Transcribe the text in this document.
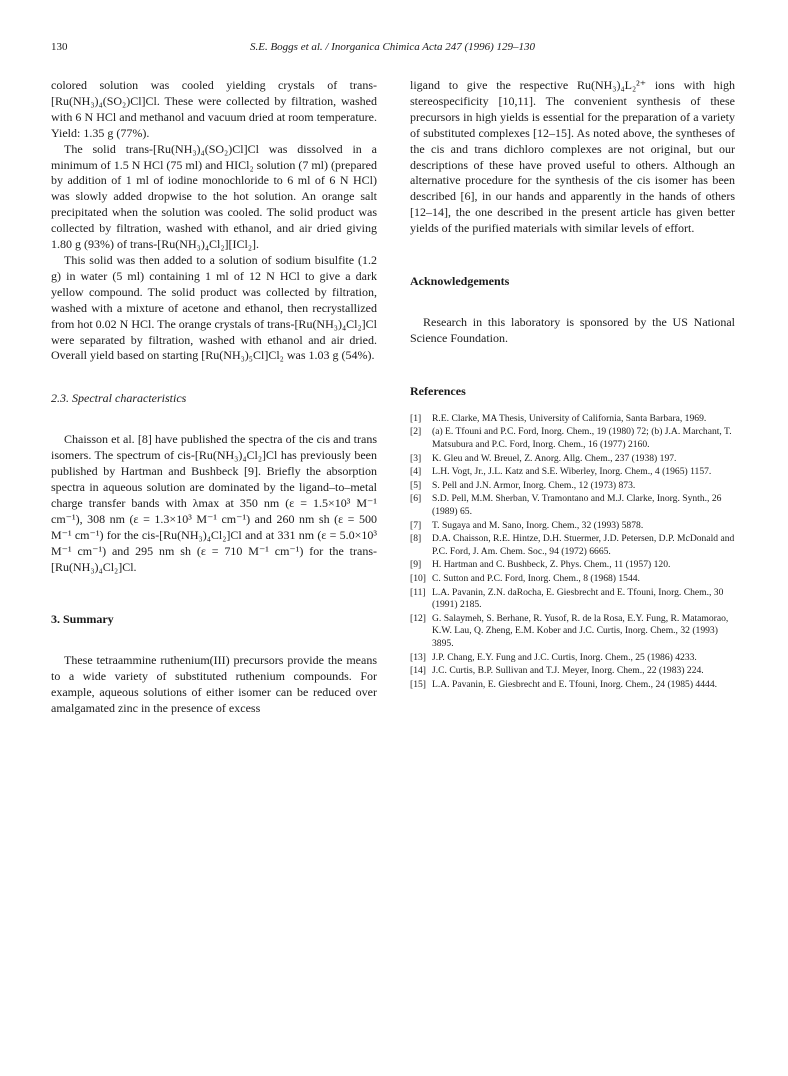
130	S.E. Boggs et al. / Inorganica Chimica Acta 247 (1996) 129–130

colored solution was cooled yielding crystals of trans-[Ru(NH₃)₄(SO₂)Cl]Cl. These were collected by filtration, washed with 6 N HCl and methanol and vacuum dried at room temperature. Yield: 1.35 g (77%).

The solid trans-[Ru(NH₃)₄(SO₂)Cl]Cl was dissolved in a minimum of 1.5 N HCl (75 ml) and HICl₂ solution (7 ml) (prepared by addition of 1 ml of iodine monochloride to 6 ml of 6 N HCl) was slowly added dropwise to the hot solution. An orange salt precipitated when the solution was cooled. The solid product was collected by filtration, washed with ethanol, and air dried giving 1.80 g (93%) of trans-[Ru(NH₃)₄Cl₂][ICl₂].

This solid was then added to a solution of sodium bisulfite (1.2 g) in water (5 ml) containing 1 ml of 12 N HCl to give a dark yellow compound. The solid product was collected by filtration, washed with a mixture of acetone and ethanol, then recrystallized from hot 0.02 N HCl. The orange crystals of trans-[Ru(NH₃)₄Cl₂]Cl were separated by filtration, washed with ethanol and air dried. Overall yield based on starting [Ru(NH₃)₅Cl]Cl₂ was 1.03 g (54%).

2.3. Spectral characteristics

Chaisson et al. [8] have published the spectra of the cis and trans isomers. The spectrum of cis-[Ru(NH₃)₄Cl₂]Cl has previously been published by Hartman and Bushbeck [9]. Briefly the absorption spectra in aqueous solution are dominated by the ligand–to–metal charge transfer bands with λmax at 350 nm (ε = 1.5×10³ M⁻¹ cm⁻¹), 308 nm (ε = 1.3×10³ M⁻¹ cm⁻¹) and 260 nm sh (ε = 500 M⁻¹ cm⁻¹) for the cis-[Ru(NH₃)₄Cl₂]Cl and at 331 nm (ε = 5.0×10³ M⁻¹ cm⁻¹) and 295 nm sh (ε = 710 M⁻¹ cm⁻¹) for the trans-[Ru(NH₃)₄Cl₂]Cl.

3. Summary

These tetraammine ruthenium(III) precursors provide the means to a wide variety of substituted ruthenium compounds. For example, aqueous solutions of either isomer can be reduced over amalgamated zinc in the presence of excess

ligand to give the respective Ru(NH₃)₄L₂²⁺ ions with high stereospecificity [10,11]. The convenient synthesis of these precursors in high yields is essential for the preparation of a variety of substituted complexes [12–15]. As noted above, the syntheses of the cis and trans dichloro complexes are not original, but our descriptions of these have proved useful to others. Although an alternative procedure for the synthesis of the cis isomer has been described [6], in our hands and apparently in the hands of others [12–14], the one described in the present article has given better yields of the purified materials with similar levels of effort.

Acknowledgements

Research in this laboratory is sponsored by the US National Science Foundation.

References
[1] R.E. Clarke, MA Thesis, University of California, Santa Barbara, 1969.
[2] (a) E. Tfouni and P.C. Ford, Inorg. Chem., 19 (1980) 72; (b) J.A. Marchant, T. Matsubura and P.C. Ford, Inorg. Chem., 16 (1977) 2160.
[3] K. Gleu and W. Breuel, Z. Anorg. Allg. Chem., 237 (1938) 197.
[4] L.H. Vogt, Jr., J.L. Katz and S.E. Wiberley, Inorg. Chem., 4 (1965) 1157.
[5] S. Pell and J.N. Armor, Inorg. Chem., 12 (1973) 873.
[6] S.D. Pell, M.M. Sherban, V. Tramontano and M.J. Clarke, Inorg. Synth., 26 (1989) 65.
[7] T. Sugaya and M. Sano, Inorg. Chem., 32 (1993) 5878.
[8] D.A. Chaisson, R.E. Hintze, D.H. Stuermer, J.D. Petersen, D.P. McDonald and P.C. Ford, J. Am. Chem. Soc., 94 (1972) 6665.
[9] H. Hartman and C. Bushbeck, Z. Phys. Chem., 11 (1957) 120.
[10] C. Sutton and P.C. Ford, Inorg. Chem., 8 (1968) 1544.
[11] L.A. Pavanin, Z.N. daRocha, E. Giesbrecht and E. Tfouni, Inorg. Chem., 30 (1991) 2185.
[12] G. Salaymeh, S. Berhane, R. Yusof, R. de la Rosa, E.Y. Fung, R. Matamorao, K.W. Lau, Q. Zheng, E.M. Kober and J.C. Curtis, Inorg. Chem., 32 (1993) 3895.
[13] J.P. Chang, E.Y. Fung and J.C. Curtis, Inorg. Chem., 25 (1986) 4233.
[14] J.C. Curtis, B.P. Sullivan and T.J. Meyer, Inorg. Chem., 22 (1983) 224.
[15] L.A. Pavanin, E. Giesbrecht and E. Tfouni, Inorg. Chem., 24 (1985) 4444.
